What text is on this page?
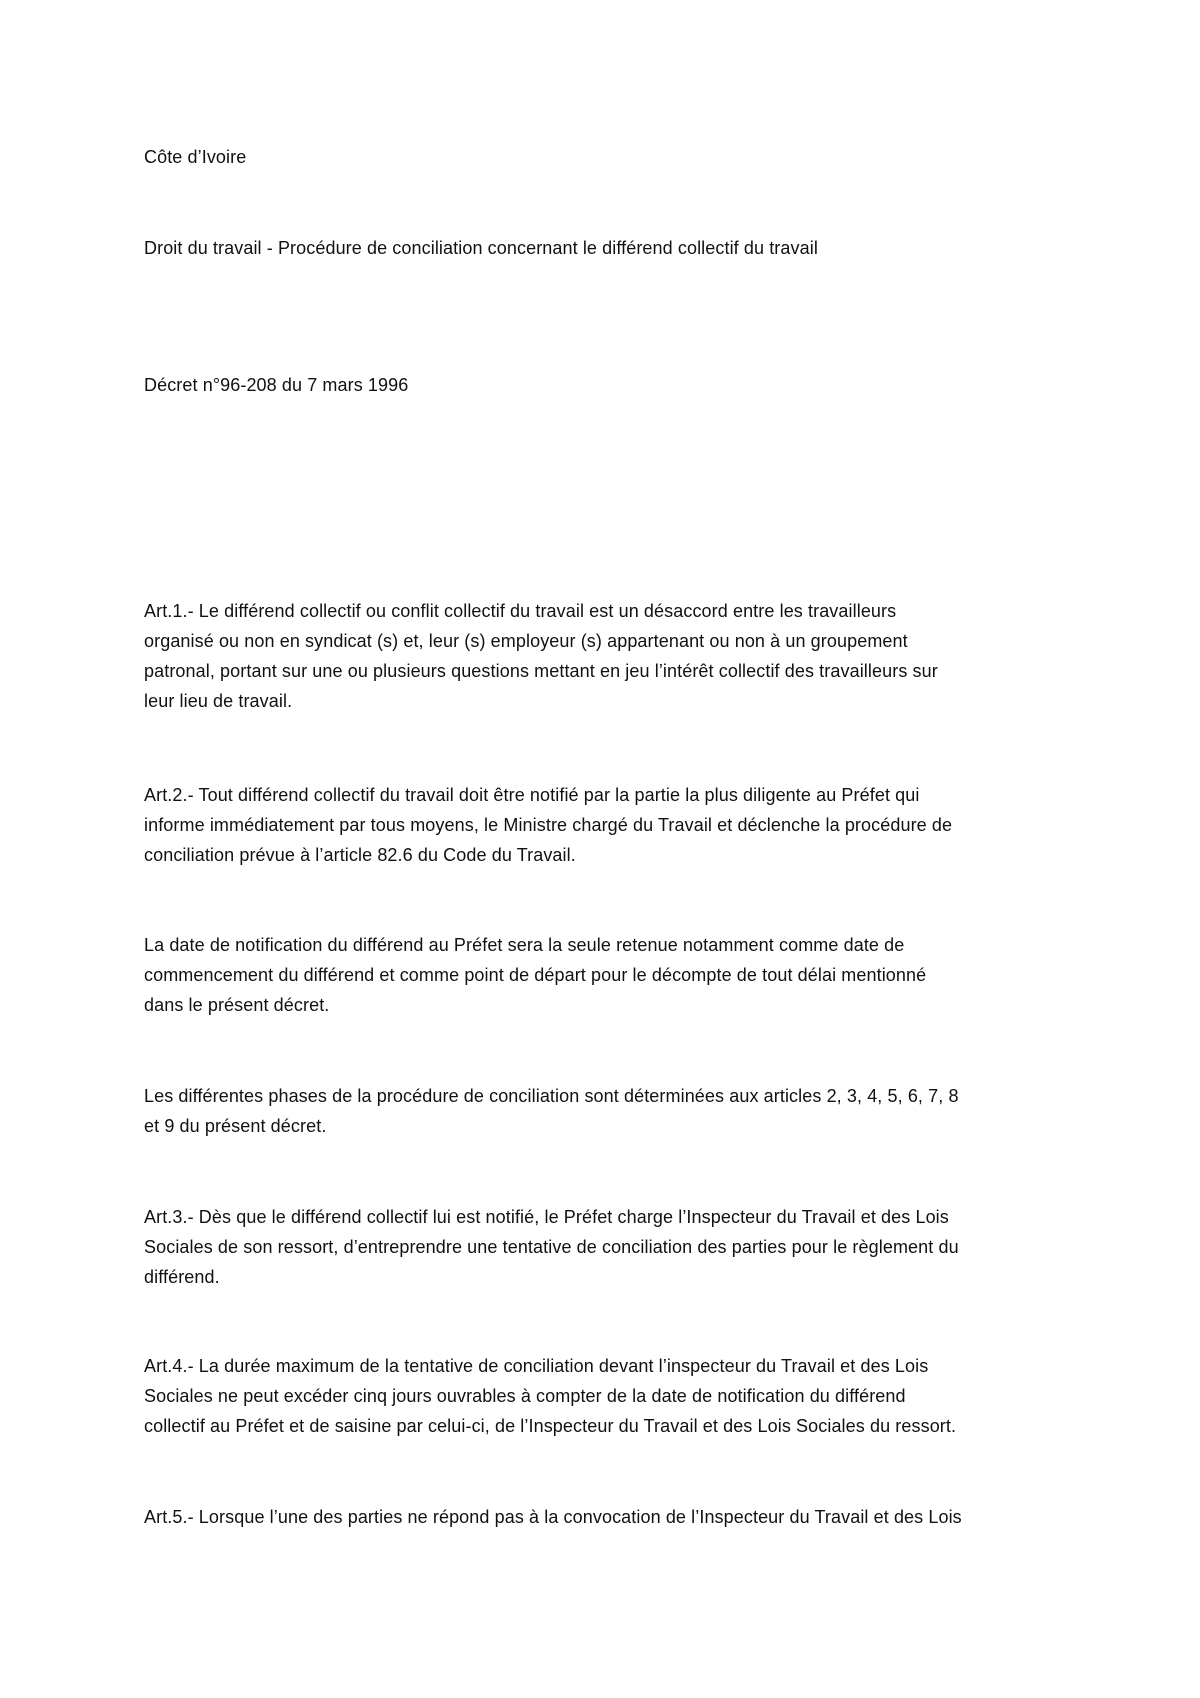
Côte d’Ivoire
Droit du travail - Procédure de conciliation concernant le différend collectif du travail
Décret n°96-208 du 7 mars 1996
Art.1.- Le différend collectif ou conflit collectif du travail est un désaccord entre les travailleurs
organisé ou non en syndicat (s) et, leur (s) employeur (s) appartenant ou non à un groupement
patronal, portant sur une ou plusieurs questions mettant en jeu l’intérêt collectif des travailleurs sur
leur lieu de travail.
Art.2.- Tout différend collectif du travail doit être notifié par la partie la plus diligente au Préfet qui
informe immédiatement par tous moyens, le Ministre chargé du Travail et déclenche la procédure de
conciliation prévue à l’article 82.6 du Code du Travail.
La date de notification du différend au Préfet sera la seule retenue notamment comme date de
commencement du différend et comme point de départ pour le décompte de tout délai mentionné
dans le présent décret.
Les différentes phases de la procédure de conciliation sont déterminées aux articles 2, 3, 4, 5, 6, 7, 8
et 9 du présent décret.
Art.3.- Dès que le différend collectif lui est notifié, le Préfet charge l’Inspecteur du Travail et des Lois
Sociales de son ressort, d’entreprendre une tentative de conciliation des parties pour le règlement du
différend.
Art.4.- La durée maximum de la tentative de conciliation devant l’inspecteur du Travail et des Lois
Sociales ne peut excéder cinq jours ouvrables à compter de la date de notification du différend
collectif au Préfet et de saisine par celui-ci, de l’Inspecteur du Travail et des Lois Sociales du ressort.
Art.5.- Lorsque l’une des parties ne répond pas à la convocation de l’Inspecteur du Travail et des Lois
